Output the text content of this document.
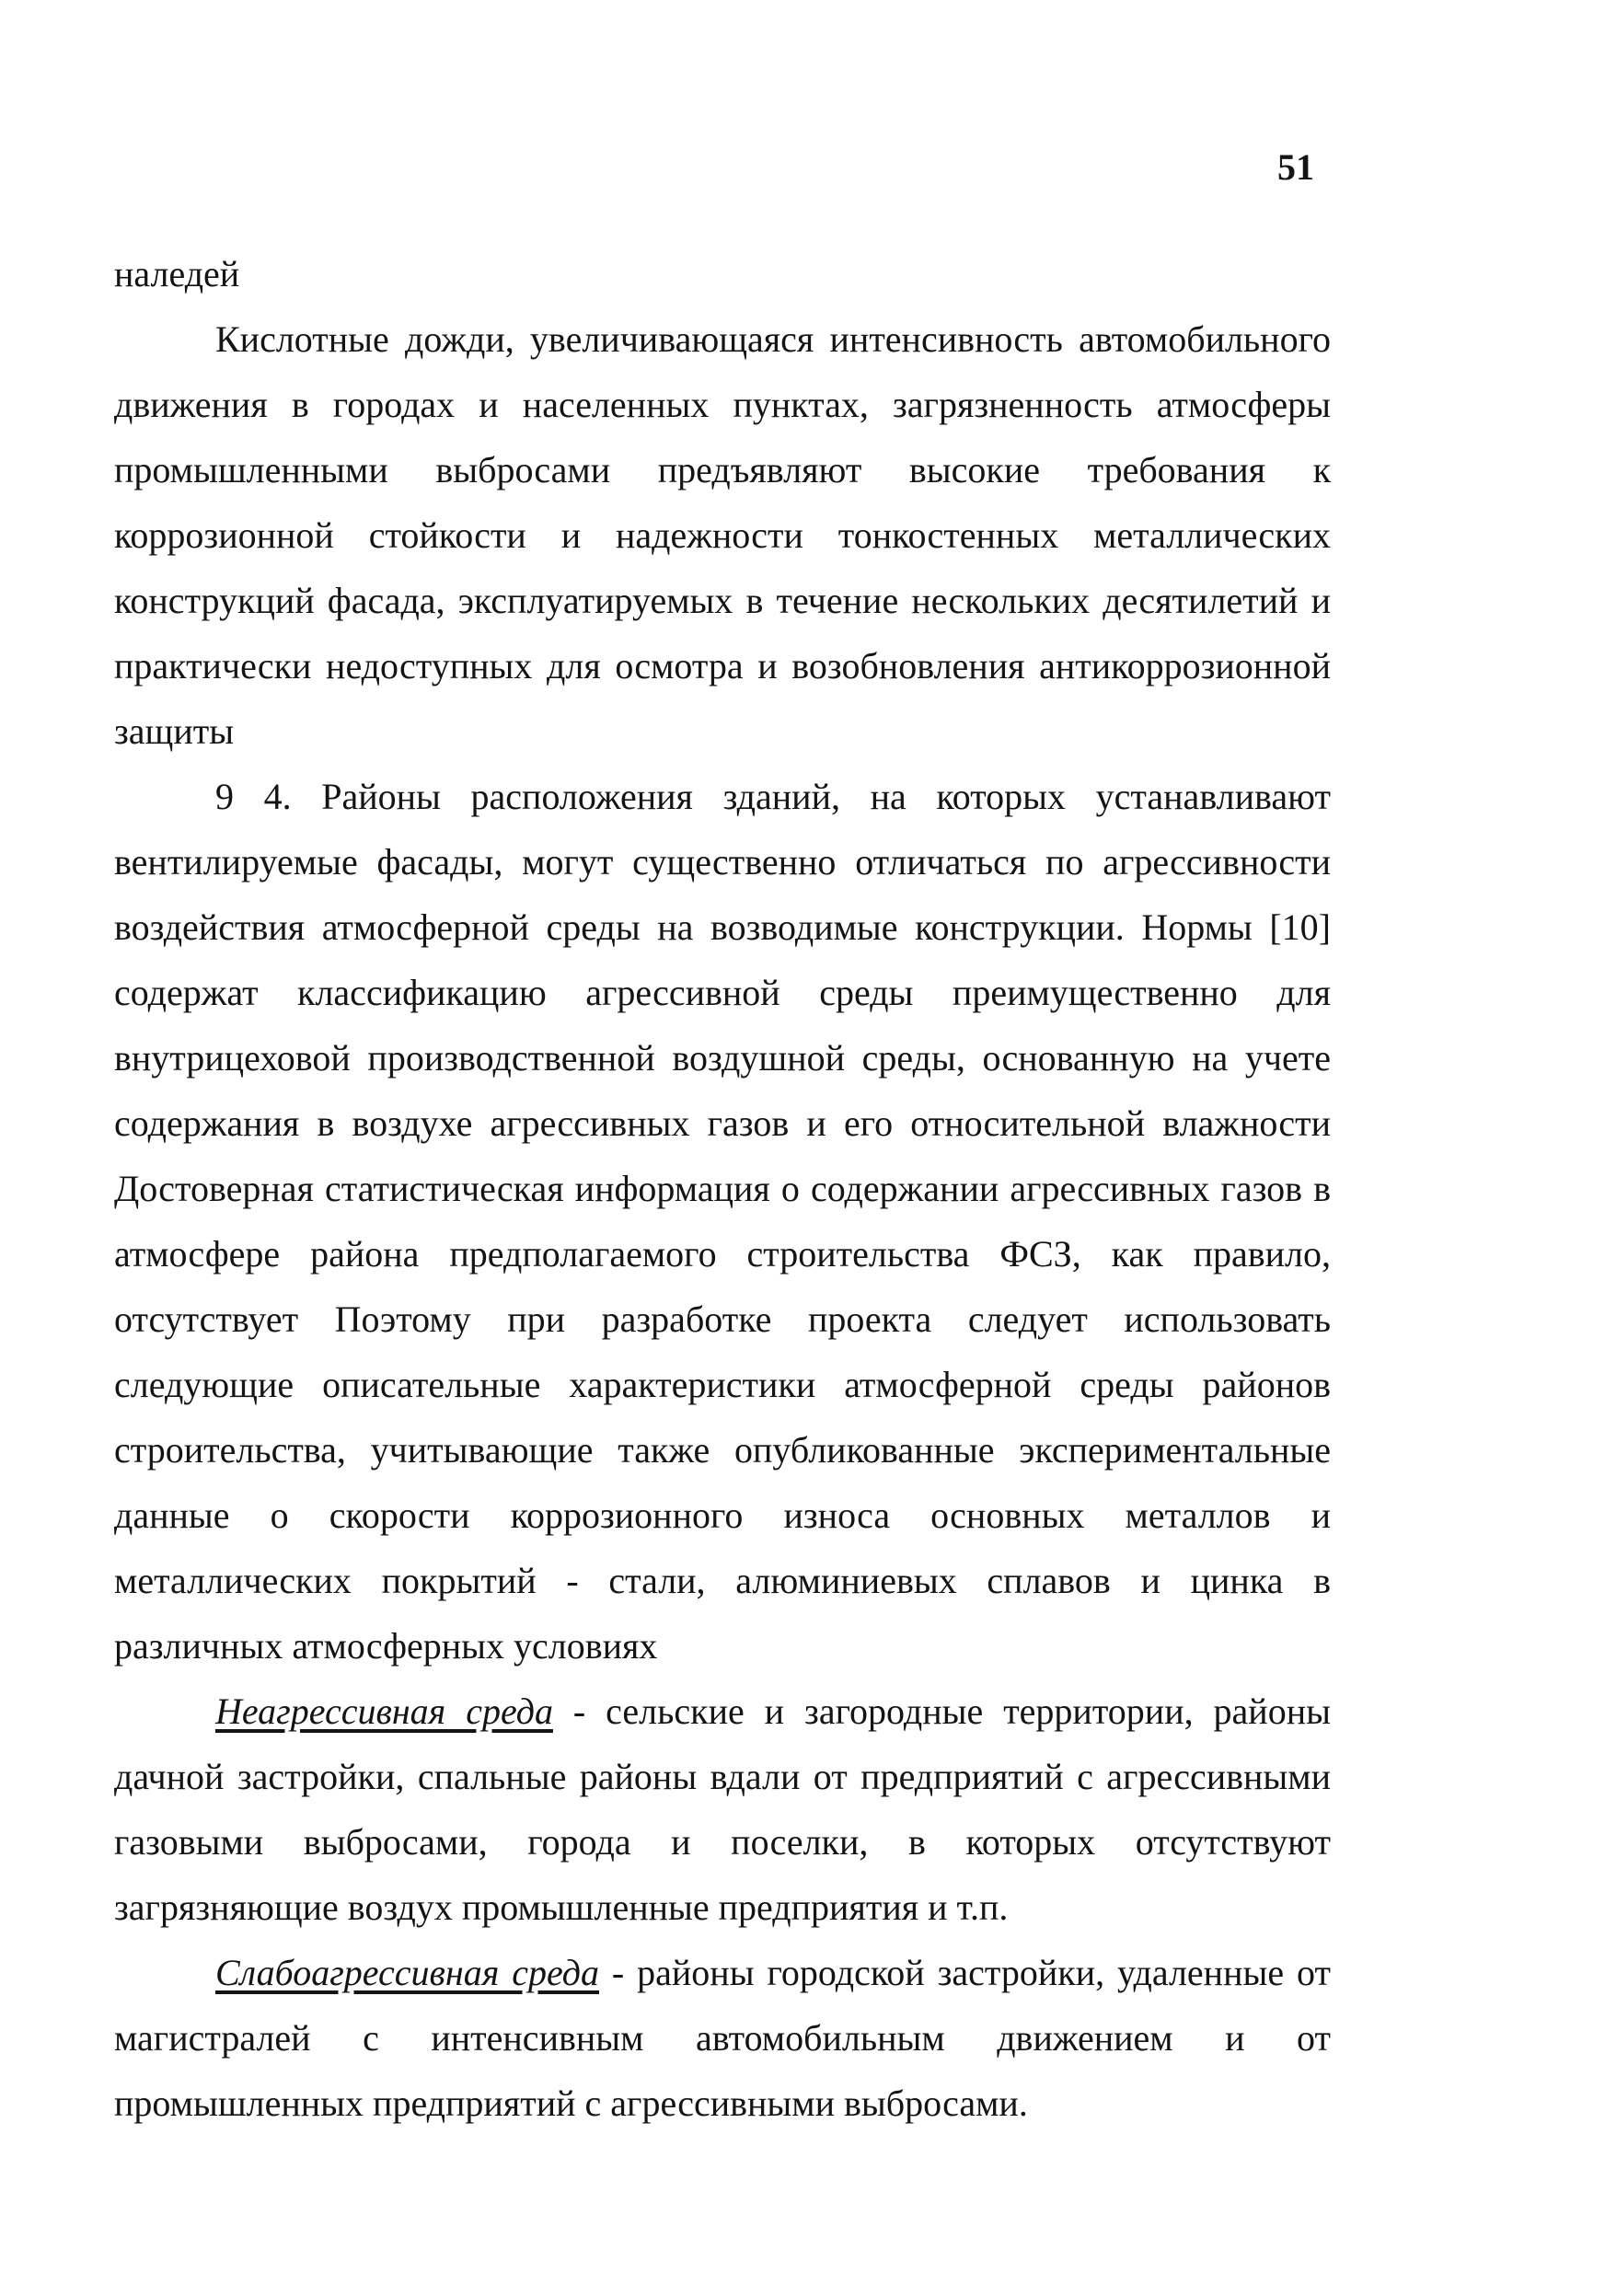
51

наледей

Кислотные дожди, увеличивающаяся интенсивность автомобильного движения в городах и населенных пунктах, загрязненность атмосферы промышленными выбросами предъявляют высокие требования к коррозионной стойкости и надежности тонкостенных металлических конструкций фасада, эксплуатируемых в течение нескольких десятилетий и практически недоступных для осмотра и возобновления антикоррозионной защиты

9 4. Районы расположения зданий, на которых устанавливают вентилируемые фасады, могут существенно отличаться по агрессивности воздействия атмосферной среды на возводимые конструкции. Нормы [10] содержат классификацию агрессивной среды преимущественно для внутрицеховой производственной воздушной среды, основанную на учете содержания в воздухе агрессивных газов и его относительной влажности Достоверная статистическая информация о содержании агрессивных газов в атмосфере района предполагаемого строительства ФСЗ, как правило, отсутствует Поэтому при разработке проекта следует использовать следующие описательные характеристики атмосферной среды районов строительства, учитывающие также опубликованные экспериментальные данные о скорости коррозионного износа основных металлов и металлических покрытий - стали, алюминиевых сплавов и цинка в различных атмосферных условиях

Неагрессивная среда - сельские и загородные территории, районы дачной застройки, спальные районы вдали от предприятий с агрессивными газовыми выбросами, города и поселки, в которых отсутствуют загрязняющие воздух промышленные предприятия и т.п.

Слабоагрессивная среда - районы городской застройки, удаленные от магистралей с интенсивным автомобильным движением и от промышленных предприятий с агрессивными выбросами.
